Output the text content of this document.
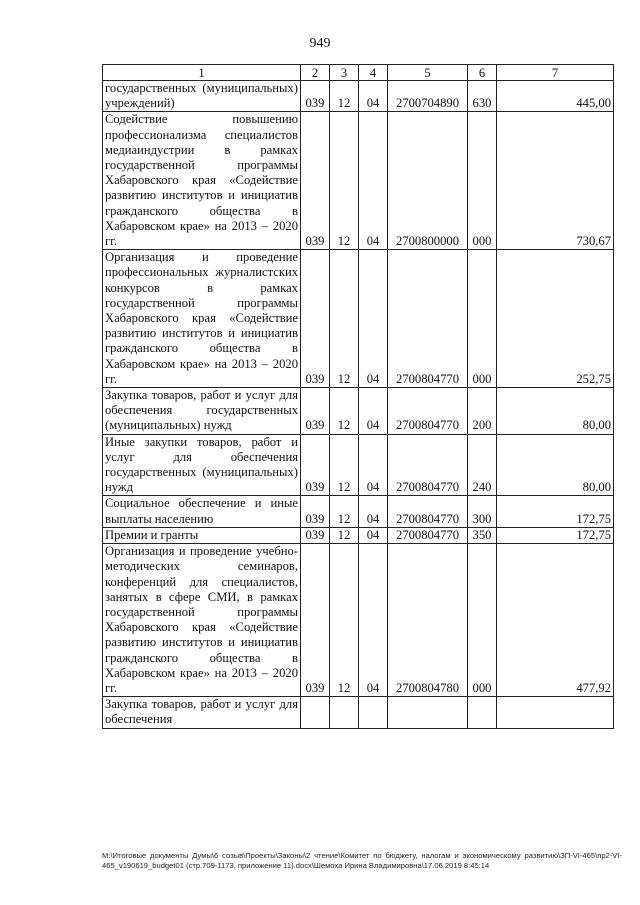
949
1	2	3	4	5	6	7
государственных (муниципальных) учреждений)	039	12	04	2700704890	630	445,00
Содействие повышению профессионализма специалистов медиаиндустрии в рамках государственной программы Хабаровского края «Содействие развитию институтов и инициатив гражданского общества в Хабаровском крае» на 2013 – 2020 гг.	039	12	04	2700800000	000	730,67
Организация и проведение профессиональных журналистских конкурсов в рамках государственной программы Хабаровского края «Содействие развитию институтов и инициатив гражданского общества в Хабаровском крае» на 2013 – 2020 гг.	039	12	04	2700804770	000	252,75
Закупка товаров, работ и услуг для обеспечения государственных (муниципальных) нужд	039	12	04	2700804770	200	80,00
Иные закупки товаров, работ и услуг для обеспечения государственных (муниципальных) нужд	039	12	04	2700804770	240	80,00
Социальное обеспечение и иные выплаты населению	039	12	04	2700804770	300	172,75
Премии и гранты	039	12	04	2700804770	350	172,75
Организация и проведение учебно-методических семинаров, конференций для специалистов, занятых в сфере СМИ, в рамках государственной программы Хабаровского края «Содействие развитию институтов и инициатив гражданского общества в Хабаровском крае» на 2013 – 2020 гг.	039	12	04	2700804780	000	477,92
Закупка товаров, работ и услуг для обеспечения						
M:\Итоговые документы Думы\6 созыв\Проекты\Законы\2 чтение\Комитет по бюджету, налогам и экономическому развитию\ЗП-VI-465\пр2-VI-465_v190619_budget01 (стр.709-1173, приложение 11).docx\Шемоха Ирина Владимировна\17.06.2019 8:45:14
